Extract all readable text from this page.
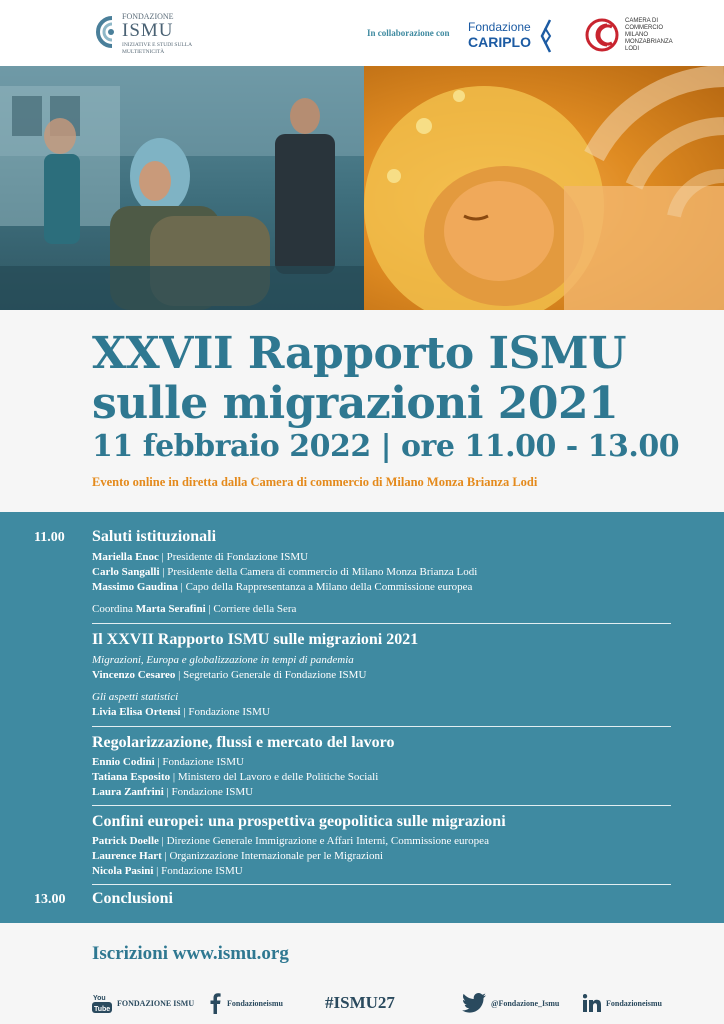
FONDAZIONE
ISMU
INIZIATIVE E STUDI SULLA MULTIETNICITÀ
In collaborazione con Fondazione
CARIPLO
CAMERA DI
COMMERCIO
MILANO
MONZABRIANZA
LODI
XXVII Rapporto ISMU
sulle migrazioni 2021
11 febbraio 2022 | ore 11.00 - 13.00
Evento online in diretta dalla Camera di commercio di Milano Monza Brianza Lodi
11.00 Saluti istituzionali
Mariella Enoc | Presidente di Fondazione ISMU
Carlo Sangalli | Presidente della Camera di commercio di Milano Monza Brianza Lodi
Massimo Gaudina | Capo della Rappresentanza a Milano della Commissione europea
Coordina Marta Serafini | Corriere della Sera
Il XXVII Rapporto ISMU sulle migrazioni 2021
Migrazioni, Europa e globalizzazione in tempi di pandemia
Vincenzo Cesareo | Segretario Generale di Fondazione ISMU
Gli aspetti statistici
Livia Elisa Ortensi | Fondazione ISMU
Regolarizzazione, flussi e mercato del lavoro
Ennio Codini | Fondazione ISMU
Tatiana Esposito | Ministero del Lavoro e delle Politiche Sociali
Laura Zanfrini | Fondazione ISMU
Confini europei: una prospettiva geopolitica sulle migrazioni
Patrick Doelle | Direzione Generale Immigrazione e Affari Interni, Commissione europea
Laurence Hart | Organizzazione Internazionale per le Migrazioni
Nicola Pasini | Fondazione ISMU
13.00 Conclusioni
Iscrizioni www.ismu.org
You
Tube
FONDAZIONE ISMU	Fondazioneismu #ISMU27	@Fondazione_Ismu	Fondazioneismu
